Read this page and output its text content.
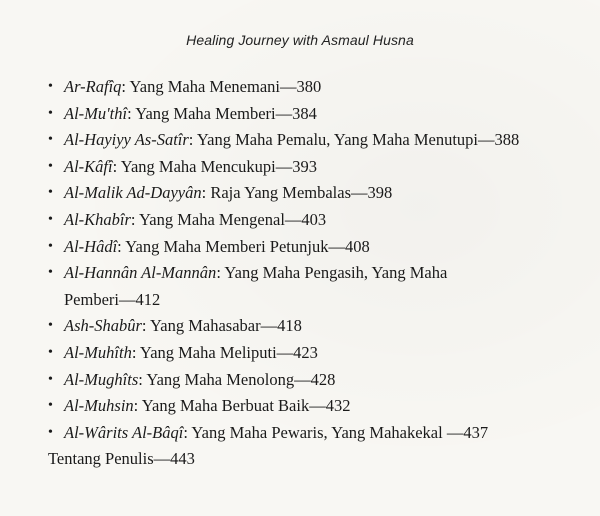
Healing Journey with Asmaul Husna
• Ar-Rafîq: Yang Maha Menemani—380
• Al-Mu'thî: Yang Maha Memberi—384
• Al-Hayiyy As-Satîr: Yang Maha Pemalu, Yang Maha Menutupi—388
• Al-Kâfî: Yang Maha Mencukupi—393
• Al-Malik Ad-Dayyân: Raja Yang Membalas—398
• Al-Khabîr: Yang Maha Mengenal—403
• Al-Hâdî: Yang Maha Memberi Petunjuk—408
• Al-Hannân Al-Mannân: Yang Maha Pengasih, Yang Maha
Pemberi—412
• Ash-Shabûr: Yang Mahasabar—418
• Al-Muhîth: Yang Maha Meliputi—423
• Al-Mughîts: Yang Maha Menolong—428
• Al-Muhsin: Yang Maha Berbuat Baik—432
• Al-Wârits Al-Bâqî: Yang Maha Pewaris, Yang Mahakekal —437
Tentang Penulis—443
